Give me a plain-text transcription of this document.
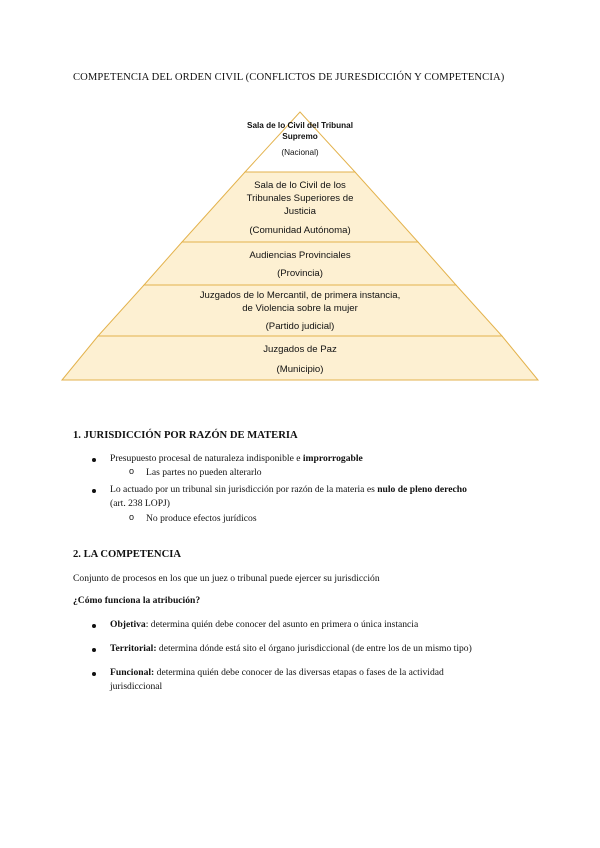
COMPETENCIA DEL ORDEN CIVIL (CONFLICTOS DE JURESDICCIÓN Y COMPETENCIA)
Sala de lo Civil del Tribunal
Supremo
(Nacional)
Sala de lo Civil de los
Tribunales Superiores de
Justicia
(Comunidad Autónoma)
Audiencias Provinciales
(Provincia)
Juzgados de lo Mercantil, de primera instancia,
de Violencia sobre la mujer
(Partido judicial)
Juzgados de Paz
(Municipio)
1. JURISDICCIÓN POR RAZÓN DE MATERIA
Presupuesto procesal de naturaleza indisponible e improrrogable
o Las partes no pueden alterarlo
Lo actuado por un tribunal sin jurisdicción por razón de la materia es nulo de pleno derecho
(art. 238 LOPJ)
o No produce efectos jurídicos
2. LA COMPETENCIA
Conjunto de procesos en los que un juez o tribunal puede ejercer su jurisdicción
¿Cómo funciona la atribución?
Objetiva: determina quién debe conocer del asunto en primera o única instancia
Territorial: determina dónde está sito el órgano jurisdiccional (de entre los de un mismo tipo)
Funcional: determina quién debe conocer de las diversas etapas o fases de la actividad
jurisdiccional
